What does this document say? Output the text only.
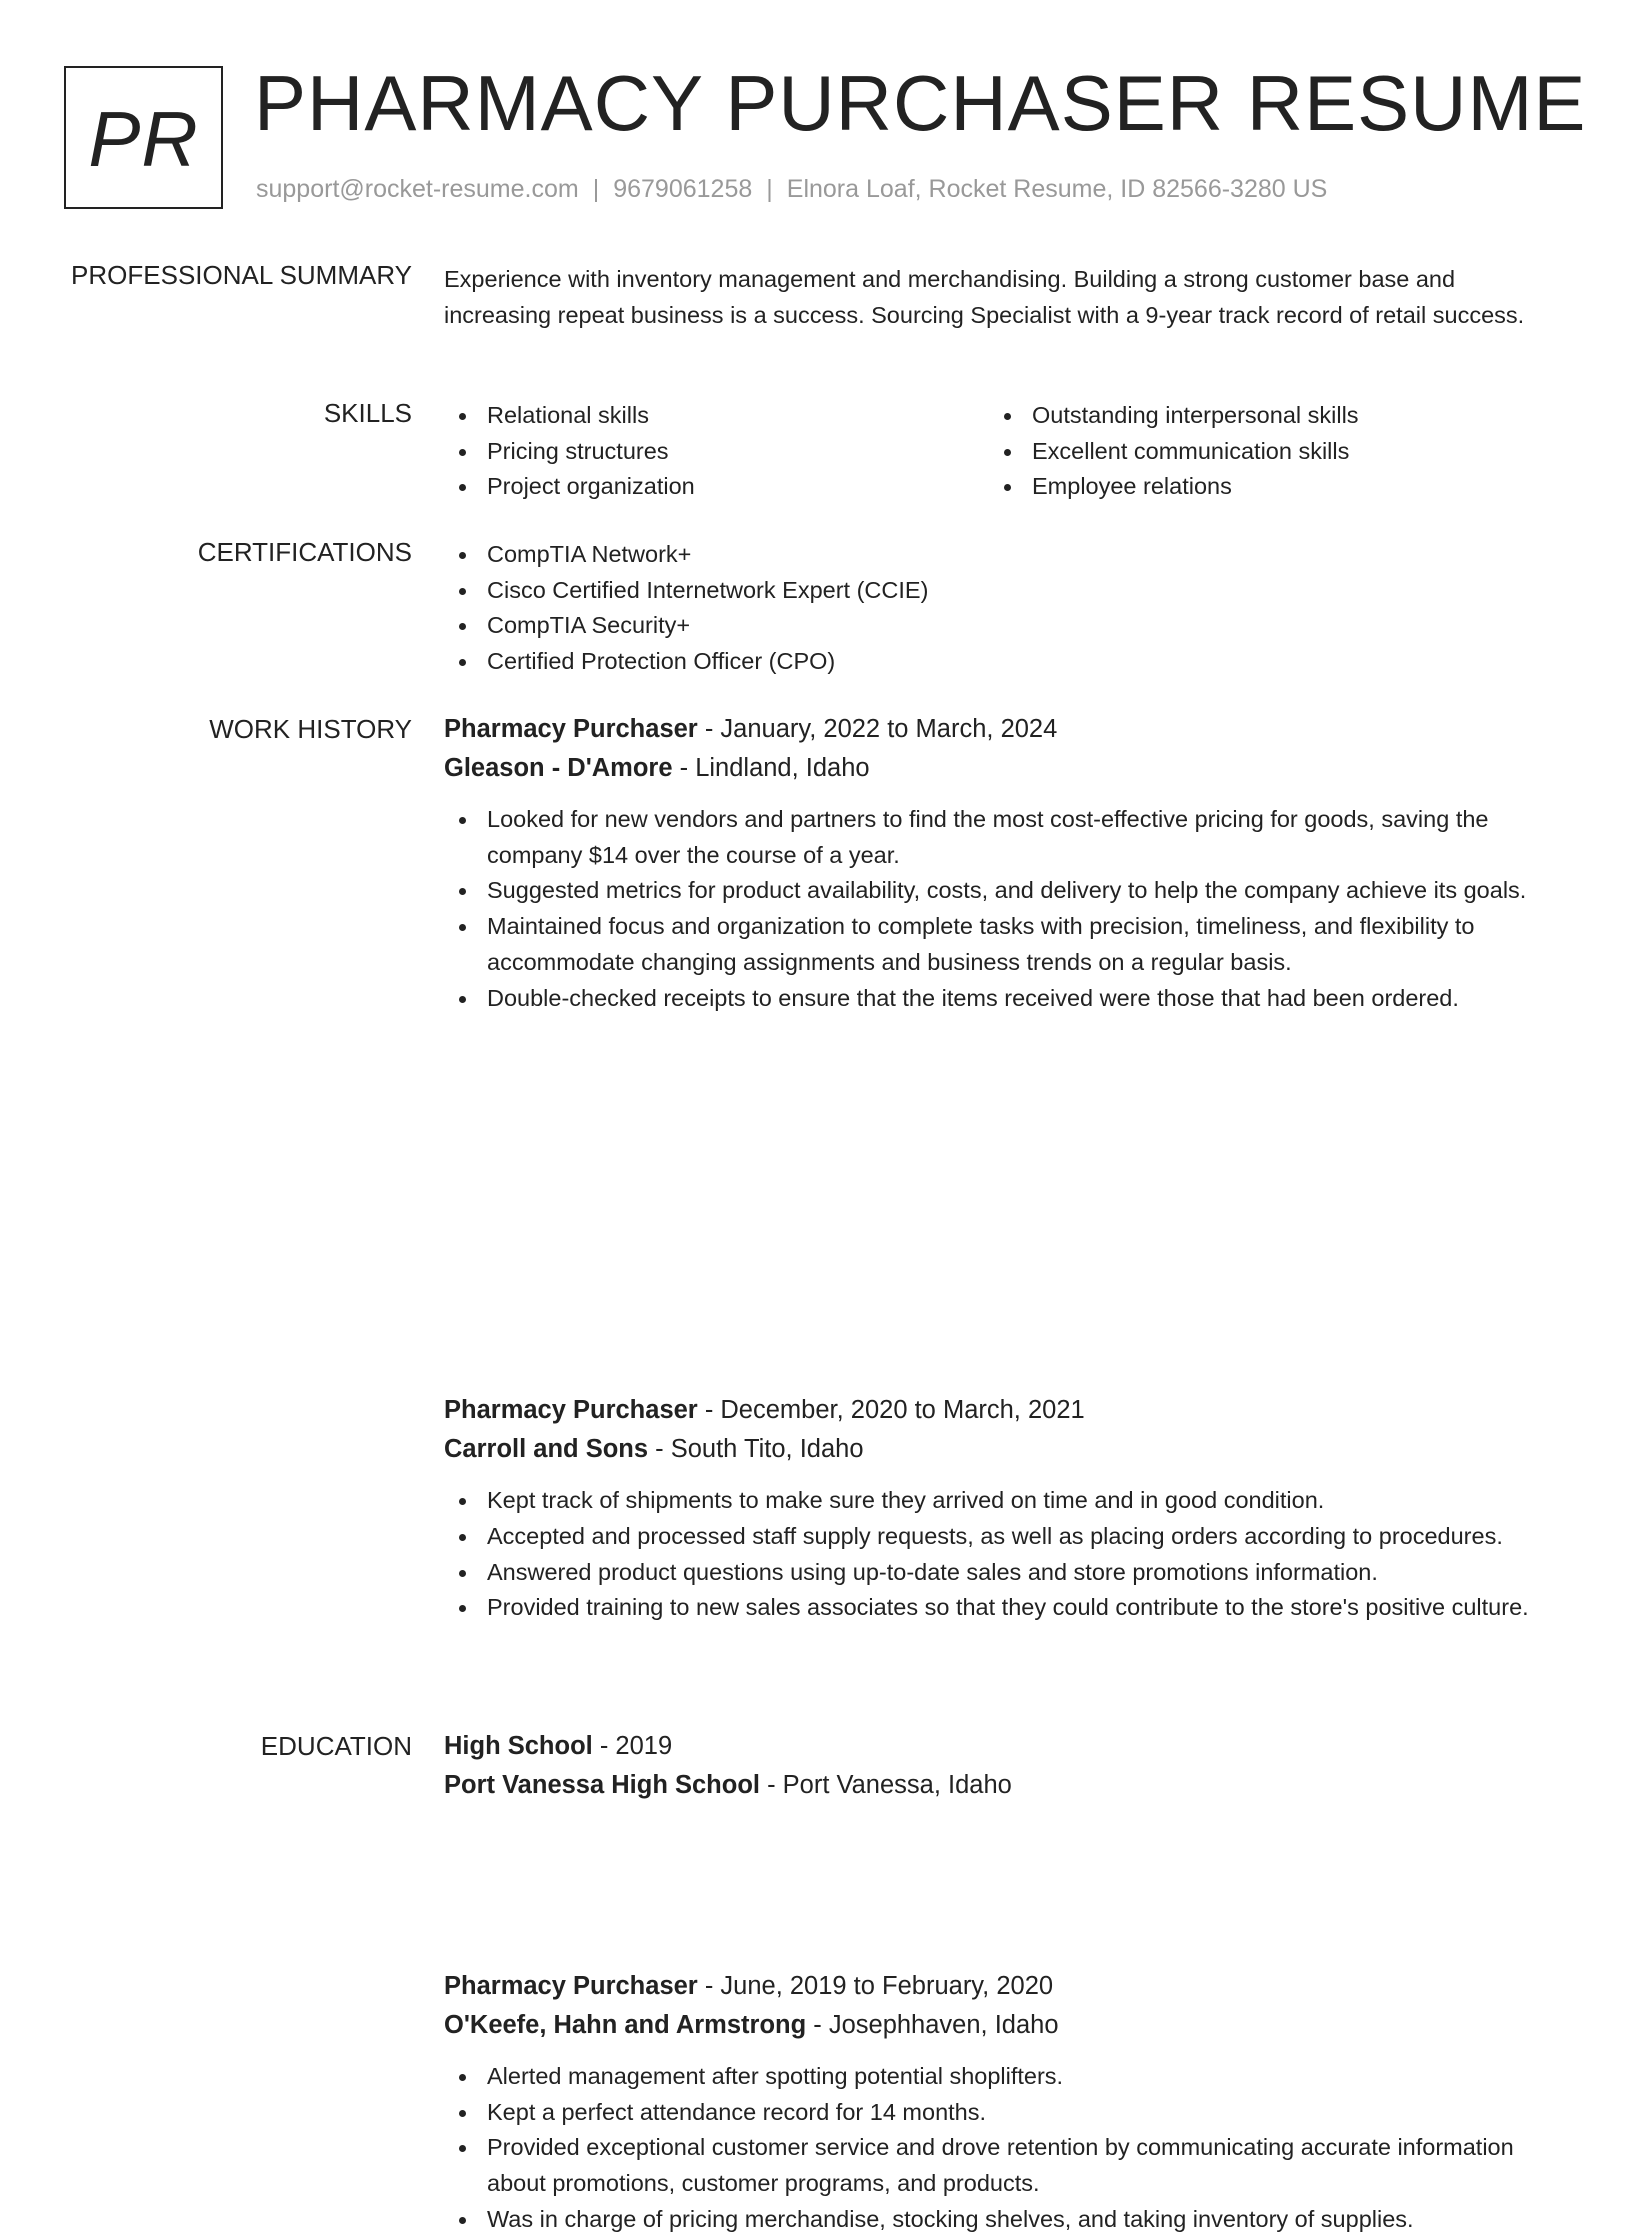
PR PHARMACY PURCHASER RESUME
support@rocket-resume.com | 9679061258 | Elnora Loaf, Rocket Resume, ID 82566-3280 US
PROFESSIONAL SUMMARY Experience with inventory management and merchandising. Building a strong customer base and increasing repeat business is a success. Sourcing Specialist with a 9-year track record of retail success.

SKILLS	Relational skills
Pricing structures
Project organization
Outstanding interpersonal skills
Excellent communication skills
Employee relations
CERTIFICATIONS	CompTIA Network+
Cisco Certified Internetwork Expert (CCIE)
CompTIA Security+
Certified Protection Officer (CPO)
WORK HISTORY Pharmacy Purchaser - January, 2022 to March, 2024
Gleason - D'Amore - Lindland, Idaho
Looked for new vendors and partners to find the most cost-effective pricing for goods, saving the company $14 over the course of a year.
Suggested metrics for product availability, costs, and delivery to help the company achieve its goals.
Maintained focus and organization to complete tasks with precision, timeliness, and flexibility to accommodate changing assignments and business trends on a regular basis.
Double-checked receipts to ensure that the items received were those that had been ordered.
Pharmacy Purchaser - December, 2020 to March, 2021
Carroll and Sons - South Tito, Idaho
Kept track of shipments to make sure they arrived on time and in good condition.
Accepted and processed staff supply requests, as well as placing orders according to procedures.
Answered product questions using up-to-date sales and store promotions information.
Provided training to new sales associates so that they could contribute to the store's positive culture.
Pharmacy Purchaser - June, 2019 to February, 2020
O'Keefe, Hahn and Armstrong - Josephhaven, Idaho
Alerted management after spotting potential shoplifters.
Kept a perfect attendance record for 14 months.
Provided exceptional customer service and drove retention by communicating accurate information about promotions, customer programs, and products.
Was in charge of pricing merchandise, stocking shelves, and taking inventory of supplies.
EDUCATION High School - 2019
Port Vanessa High School - Port Vanessa, Idaho
